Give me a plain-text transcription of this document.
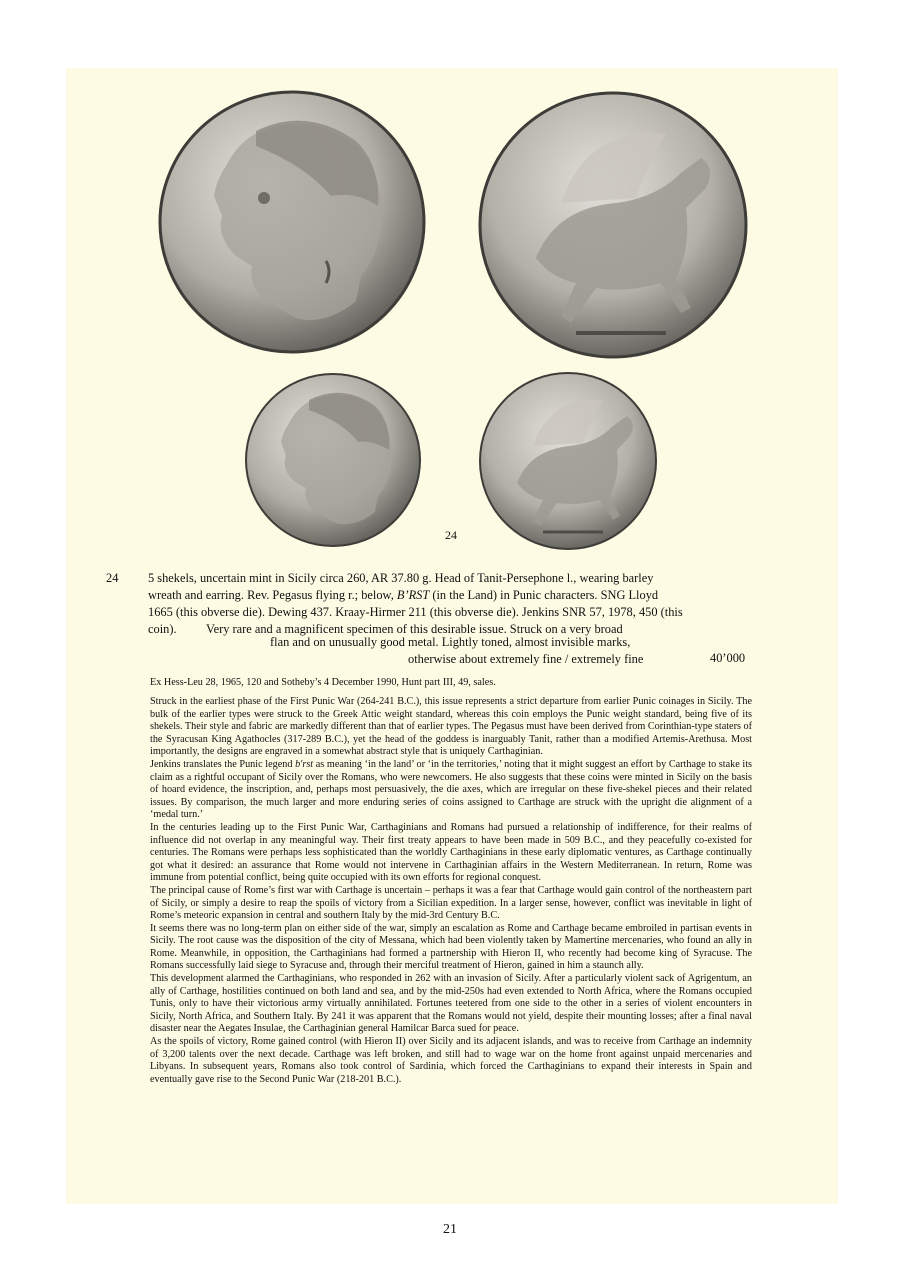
24
24 5 shekels, uncertain mint in Sicily circa 260, AR 37.80 g. Head of Tanit-Persephone l., wearing barley
wreath and earring. Rev. Pegasus flying r.; below, B’RST (in the Land) in Punic characters. SNG Lloyd
1665 (this obverse die). Dewing 437. Kraay-Hirmer 211 (this obverse die). Jenkins SNR 57, 1978, 450 (this
coin). Very rare and a magnificent specimen of this desirable issue. Struck on a very broad
flan and on unusually good metal. Lightly toned, almost invisible marks,
otherwise about extremely fine / extremely fine	40’000
Ex Hess-Leu 28, 1965, 120 and Sotheby’s 4 December 1990, Hunt part III, 49, sales.

Struck in the earliest phase of the First Punic War (264-241 B.C.), this issue represents a strict departure from earlier Punic coinages in Sicily. The bulk of the earlier types were struck to the Greek Attic weight standard, whereas this coin employs the Punic weight standard, being five of its shekels. Their style and fabric are markedly different than that of earlier types. The Pegasus must have been derived from Corinthian-type staters of the Syracusan King Agathocles (317-289 B.C.), yet the head of the goddess is inarguably Tanit, rather than a modified Artemis-Arethusa. Most importantly, the designs are engraved in a somewhat abstract style that is uniquely Carthaginian.

Jenkins translates the Punic legend b'rst as meaning ‘in the land’ or ‘in the territories,’ noting that it might suggest an effort by Carthage to stake its claim as a rightful occupant of Sicily over the Romans, who were newcomers. He also suggests that these coins were minted in Sicily on the basis of hoard evidence, the inscription, and, perhaps most persuasively, the die axes, which are irregular on these five-shekel pieces and their related issues. By comparison, the much larger and more enduring series of coins assigned to Carthage are struck with the upright die alignment of a ‘medal turn.’

In the centuries leading up to the First Punic War, Carthaginians and Romans had pursued a relationship of indifference, for their realms of influence did not overlap in any meaningful way. Their first treaty appears to have been made in 509 B.C., and they peacefully co-existed for centuries. The Romans were perhaps less sophisticated than the worldly Carthaginians in these early diplomatic ventures, as Carthage continually got what it desired: an assurance that Rome would not intervene in Carthaginian affairs in the Western Mediterranean. In return, Rome was immune from potential conflict, being quite occupied with its own efforts for regional conquest.

The principal cause of Rome’s first war with Carthage is uncertain – perhaps it was a fear that Carthage would gain control of the northeastern part of Sicily, or simply a desire to reap the spoils of victory from a Sicilian expedition. In a larger sense, however, conflict was inevitable in light of Rome’s meteoric expansion in central and southern Italy by the mid-3rd Century B.C.

It seems there was no long-term plan on either side of the war, simply an escalation as Rome and Carthage became embroiled in partisan events in Sicily. The root cause was the disposition of the city of Messana, which had been violently taken by Mamertine mercenaries, who found an ally in Rome. Meanwhile, in opposition, the Carthaginians had formed a partnership with Hieron II, who recently had become king of Syracuse. The Romans successfully laid siege to Syracuse and, through their merciful treatment of Hieron, gained in him a staunch ally.

This development alarmed the Carthaginians, who responded in 262 with an invasion of Sicily. After a particularly violent sack of Agrigentum, an ally of Carthage, hostilities continued on both land and sea, and by the mid-250s had even extended to North Africa, where the Romans occupied Tunis, only to have their victorious army virtually annihilated. Fortunes teetered from one side to the other in a series of violent encounters in Sicily, North Africa, and Southern Italy. By 241 it was apparent that the Romans would not yield, despite their mounting losses; after a final naval disaster near the Aegates Insulae, the Carthaginian general Hamilcar Barca sued for peace.

As the spoils of victory, Rome gained control (with Hieron II) over Sicily and its adjacent islands, and was to receive from Carthage an indemnity of 3,200 talents over the next decade. Carthage was left broken, and still had to wage war on the home front against unpaid mercenaries and Libyans. In subsequent years, Romans also took control of Sardinia, which forced the Carthaginians to expand their interests in Spain and eventually gave rise to the Second Punic War (218-201 B.C.).

21
